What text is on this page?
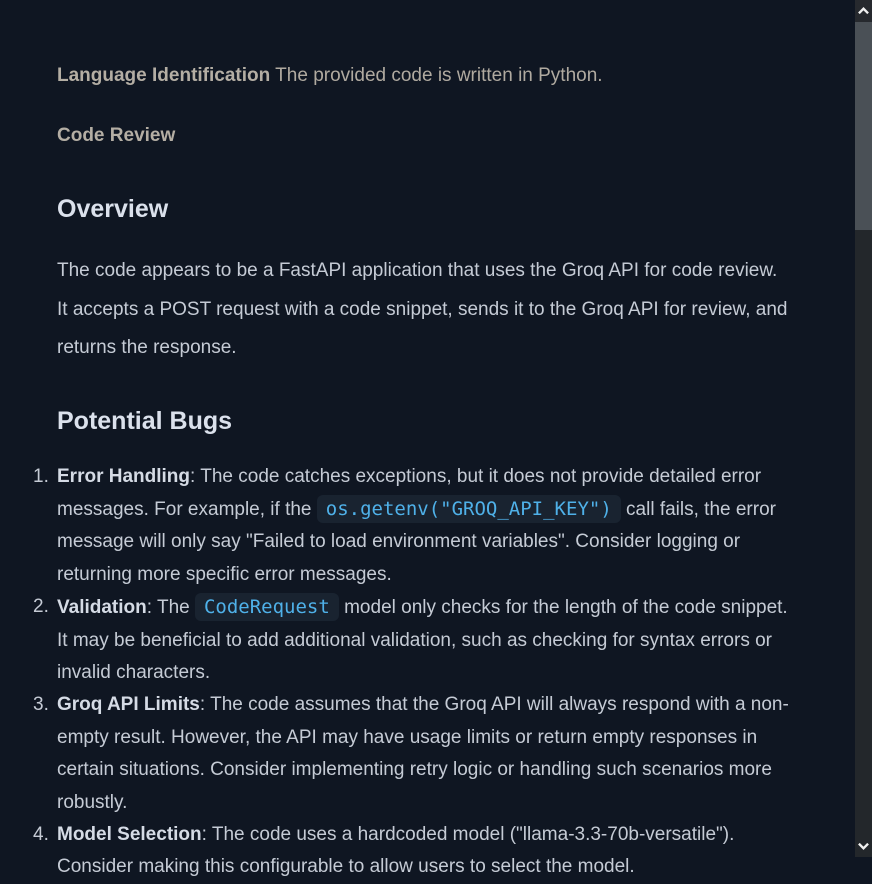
Language Identification The provided code is written in Python.

Code Review

Overview

The code appears to be a FastAPI application that uses the Groq API for code review. It accepts a POST request with a code snippet, sends it to the Groq API for review, and returns the response.

Potential Bugs
1. Error Handling: The code catches exceptions, but it does not provide detailed error messages. For example, if the os.getenv("GROQ_API_KEY") call fails, the error message will only say "Failed to load environment variables". Consider logging or returning more specific error messages.
2. Validation: The CodeRequest model only checks for the length of the code snippet. It may be beneficial to add additional validation, such as checking for syntax errors or invalid characters.
3. Groq API Limits: The code assumes that the Groq API will always respond with a non-empty result. However, the API may have usage limits or return empty responses in certain situations. Consider implementing retry logic or handling such scenarios more robustly.
4. Model Selection: The code uses a hardcoded model ("llama-3.3-70b-versatile"). Consider making this configurable to allow users to select the model.
